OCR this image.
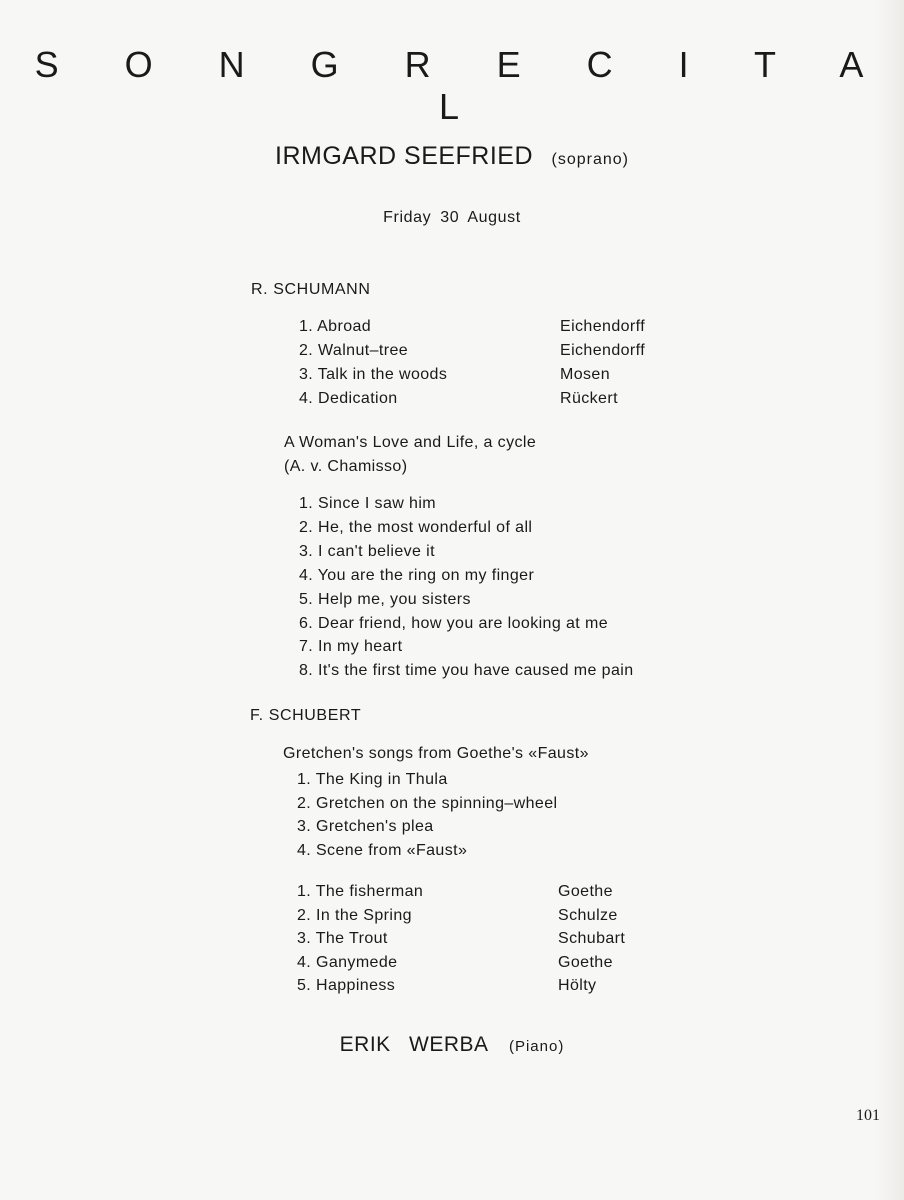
S O N G R E C I T A L
IRMGARD SEEFRIED (soprano)
Friday 30 August
R. SCHUMANN
1. Abroad	Eichendorff
2. Walnut–tree	Eichendorff
3. Talk in the woods	Mosen
4. Dedication	Rückert
A Woman's Love and Life, a cycle
(A. v. Chamisso)
1. Since I saw him
2. He, the most wonderful of all
3. I can't believe it
4. You are the ring on my finger
5. Help me, you sisters
6. Dear friend, how you are looking at me
7. In my heart
8. It's the first time you have caused me pain
F. SCHUBERT
Gretchen's songs from Goethe's «Faust»
1. The King in Thula
2. Gretchen on the spinning–wheel
3. Gretchen's plea
4. Scene from «Faust»
1. The fisherman	Goethe
2. In the Spring	Schulze
3. The Trout	Schubart
4. Ganymede	Goethe
5. Happiness	Hölty
ERIK WERBA (Piano)
101
